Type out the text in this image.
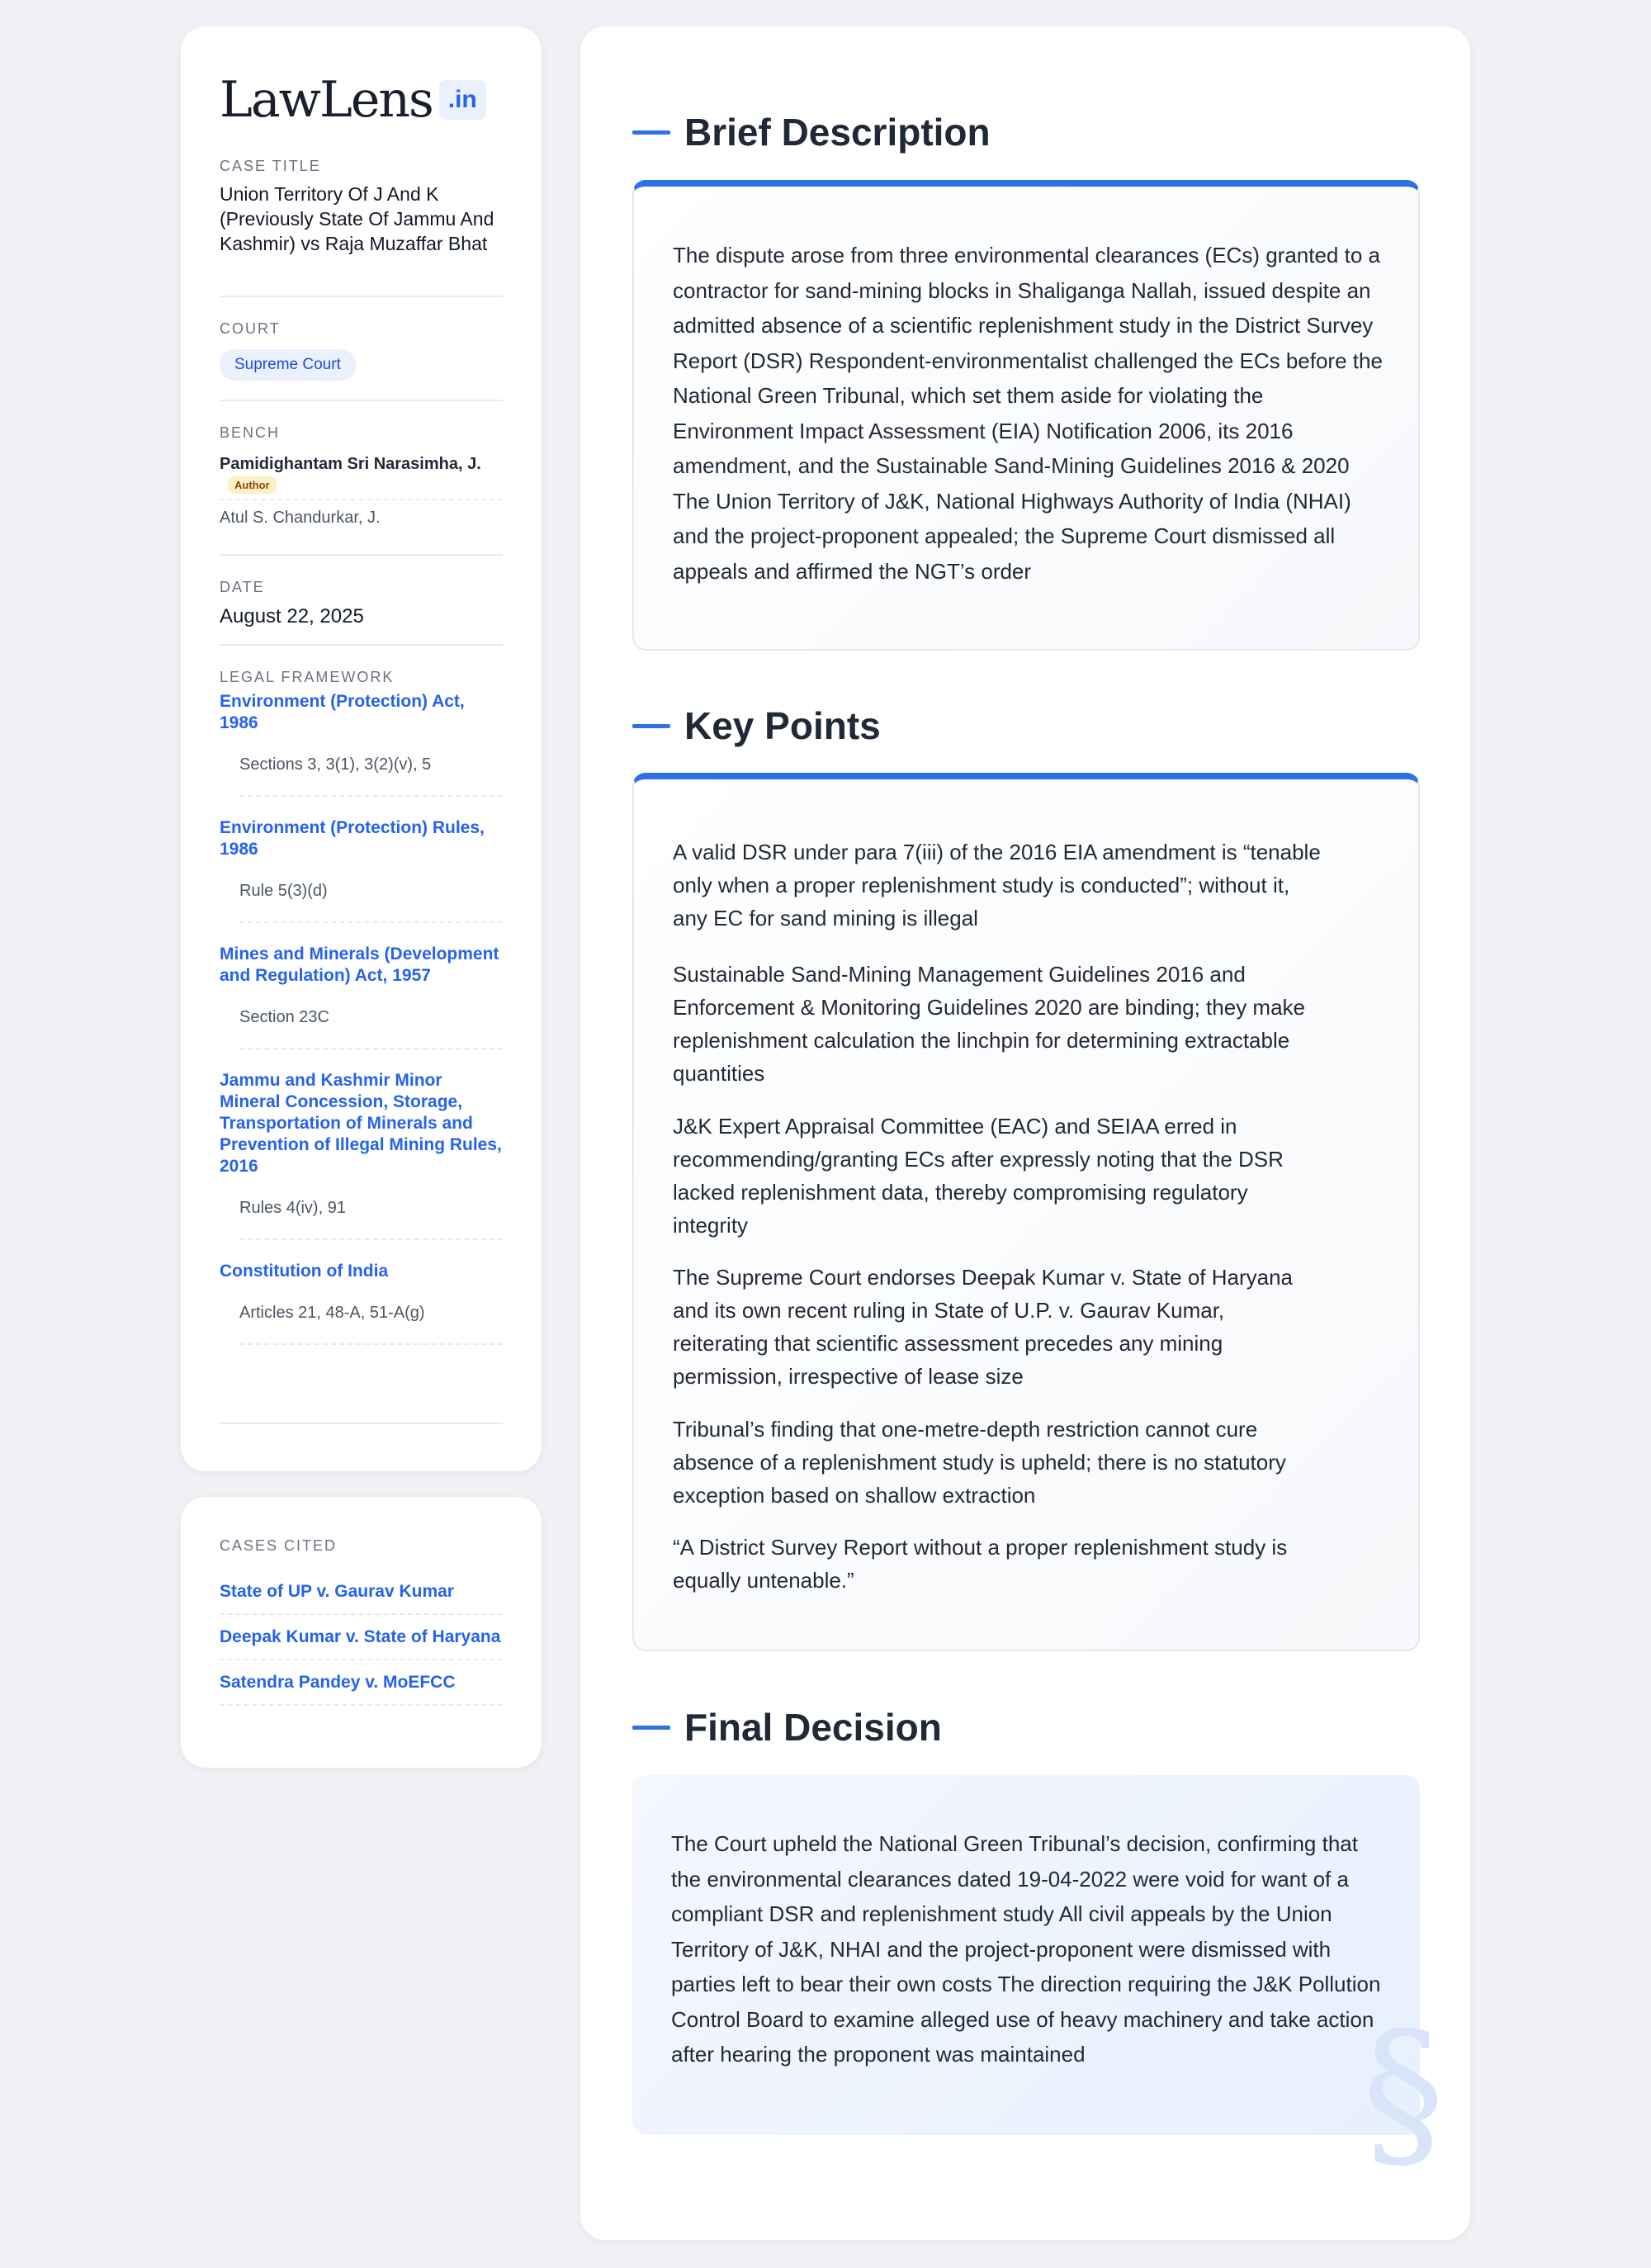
LawLens .in
CASE TITLE
Union Territory Of J And K (Previously State Of Jammu And Kashmir) vs Raja Muzaffar Bhat
COURT
Supreme Court
BENCH
Pamidighantam Sri Narasimha, J.
Author
Atul S. Chandurkar, J.
DATE
August 22, 2025
LEGAL FRAMEWORK
Environment (Protection) Act, 1986
Sections 3, 3(1), 3(2)(v), 5
Environment (Protection) Rules, 1986
Rule 5(3)(d)
Mines and Minerals (Development and Regulation) Act, 1957
Section 23C
Jammu and Kashmir Minor Mineral Concession, Storage, Transportation of Minerals and Prevention of Illegal Mining Rules, 2016
Rules 4(iv), 91
Constitution of India
Articles 21, 48-A, 51-A(g)
CASES CITED
State of UP v. Gaurav Kumar
Deepak Kumar v. State of Haryana
Satendra Pandey v. MoEFCC
Brief Description

The dispute arose from three environmental clearances (ECs) granted to a contractor for sand-mining blocks in Shaliganga Nallah, issued despite an admitted absence of a scientific replenishment study in the District Survey Report (DSR) Respondent-environmentalist challenged the ECs before the National Green Tribunal, which set them aside for violating the Environment Impact Assessment (EIA) Notification 2006, its 2016 amendment, and the Sustainable Sand-Mining Guidelines 2016 & 2020 The Union Territory of J&K, National Highways Authority of India (NHAI) and the project-proponent appealed; the Supreme Court dismissed all appeals and affirmed the NGT’s order

Key Points

A valid DSR under para 7(iii) of the 2016 EIA amendment is “tenable only when a proper replenishment study is conducted”; without it, any EC for sand mining is illegal

Sustainable Sand-Mining Management Guidelines 2016 and Enforcement & Monitoring Guidelines 2020 are binding; they make replenishment calculation the linchpin for determining extractable quantities

J&K Expert Appraisal Committee (EAC) and SEIAA erred in recommending/granting ECs after expressly noting that the DSR lacked replenishment data, thereby compromising regulatory integrity

The Supreme Court endorses Deepak Kumar v. State of Haryana and its own recent ruling in State of U.P. v. Gaurav Kumar, reiterating that scientific assessment precedes any mining permission, irrespective of lease size

Tribunal’s finding that one-metre-depth restriction cannot cure absence of a replenishment study is upheld; there is no statutory exception based on shallow extraction

“A District Survey Report without a proper replenishment study is equally untenable.”

Final Decision

The Court upheld the National Green Tribunal’s decision, confirming that the environmental clearances dated 19-04-2022 were void for want of a compliant DSR and replenishment study All civil appeals by the Union Territory of J&K, NHAI and the project-proponent were dismissed with parties left to bear their own costs The direction requiring the J&K Pollution Control Board to examine alleged use of heavy machinery and take action after hearing the proponent was maintained	§
